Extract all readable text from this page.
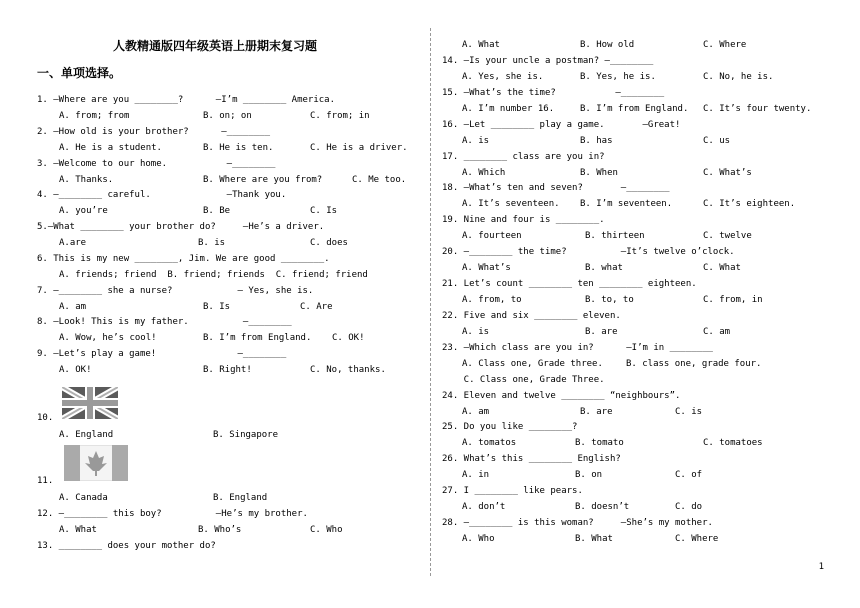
人教精通版四年级英语上册期末复习题
一、单项选择。
1. —Where are you ________?      —I’m ________ America.
A. from; from	B. on; on	C. from; in
2. —How old is your brother?      —________
A. He is a student.	B. He is ten.	C. He is a driver.
3. —Welcome to our home.           —________
A. Thanks.	B. Where are you from?	C. Me too.
4. —________ careful.              —Thank you.
A. you’re	B. Be	C. Is
5.—What ________ your brother do?     —He’s a driver.
A.are	B. is	C. does
6. This is my new ________, Jim. We are good ________.
A. friends; friend  B. friend; friends  C. friend; friend
7. —________ she a nurse?            — Yes, she is.
A. am	B. Is	C. Are
8. —Look! This is my father.          —________
A. Wow, he’s cool!	B. I’m from England. C. OK!
9. —Let’s play a game!               —________
A. OK!	B. Right!	C. No, thanks.
10.
A. England	B. Singapore
11.
A. Canada	B. England
12. —________ this boy?          —He’s my brother.
A. What	B. Who’s	C. Who
13. ________ does your mother do?
A. What	B. How old	C. Where
14. —Is your uncle a postman? —________
A. Yes, she is.	B. Yes, he is.	C. No, he is.
15. —What’s the time?           —________
A. I’m number 16.	B. I’m from England. C. It’s four twenty.
16. —Let ________ play a game.       —Great!
A. is	B. has	C. us
17. ________ class are you in?
A. Which	B. When	C. What’s
18. —What’s ten and seven?       —________
A. It’s seventeen. B. I’m seventeen.	C. It’s eighteen.
19. Nine and four is ________.
A. fourteen	B. thirteen	C. twelve
20. —________ the time?          —It’s twelve o’clock.
A. What’s	B. what	C. What
21. Let’s count ________ ten ________ eighteen.
A. from, to	B. to, to	C. from, in
22. Five and six ________ eleven.
A. is	B. are	C. am
23. —Which class are you in?      —I’m in ________
A. Class one, Grade three.	B. class one, grade four.
C. Class one, Grade Three.
24. Eleven and twelve ________ “neighbours”.
A. am	B. are	C. is
25. Do you like ________?
A. tomatos	B. tomato	C. tomatoes
26. What’s this ________ English?
A. in	B. on	C. of
27. I ________ like pears.
A. don’t	B. doesn’t	C. do
28. —________ is this woman?     —She’s my mother.
A. Who	B. What	C. Where
1
